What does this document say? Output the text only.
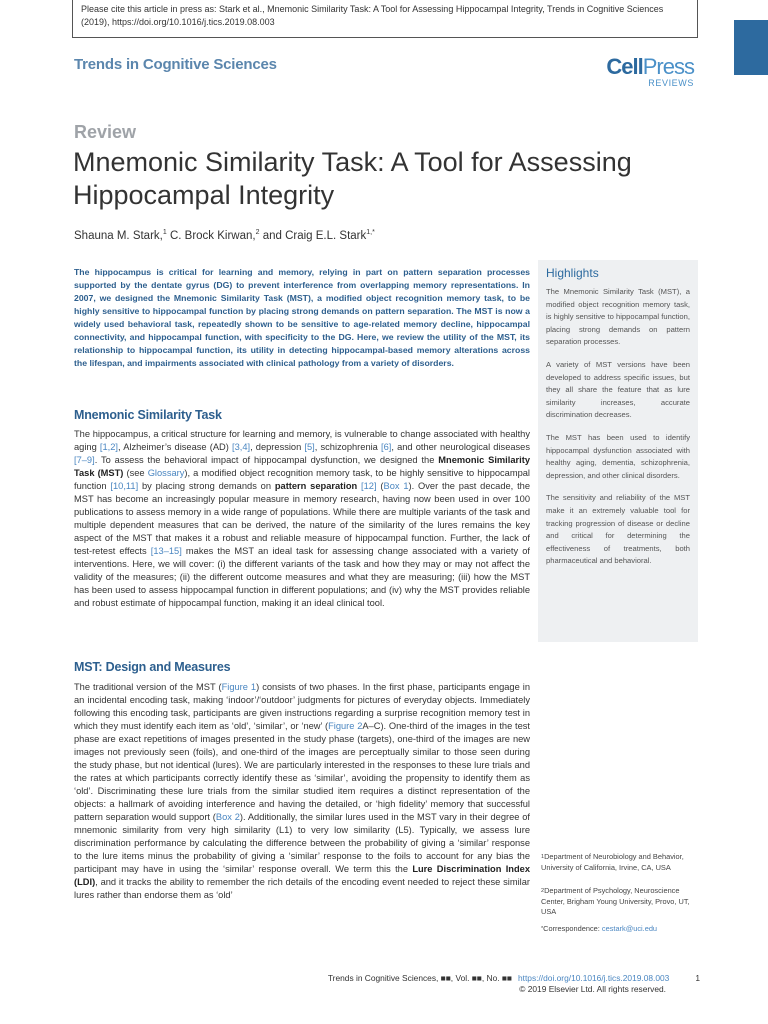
Please cite this article in press as: Stark et al., Mnemonic Similarity Task: A Tool for Assessing Hippocampal Integrity, Trends in Cognitive Sciences (2019), https://doi.org/10.1016/j.tics.2019.08.003
Trends in Cognitive Sciences	CellPress
REVIEWS
Review
Mnemonic Similarity Task: A Tool for Assessing Hippocampal Integrity
Shauna M. Stark,$^1$ C. Brock Kirwan,$^2$ and Craig E.L. Stark$^{1,*}$

The hippocampus is critical for learning and memory, relying in part on pattern separation processes supported by the dentate gyrus (DG) to prevent interference from overlapping memory representations. In 2007, we designed the Mnemonic Similarity Task (MST), a modified object recognition memory task, to be highly sensitive to hippocampal function by placing strong demands on pattern separation. The MST is now a widely used behavioral task, repeatedly shown to be sensitive to age-related memory decline, hippocampal connectivity, and hippocampal function, with specificity to the DG. Here, we review the utility of the MST, its relationship to hippocampal function, its utility in detecting hippocampal-based memory alterations across the lifespan, and impairments associated with clinical pathology from a variety of disorders.

Mnemonic Similarity Task

The hippocampus, a critical structure for learning and memory, is vulnerable to change associated with healthy aging [1,2], Alzheimer’s disease (AD) [3,4], depression [5], schizophrenia [6], and other neurological diseases [7–9]. To assess the behavioral impact of hippocampal dysfunction, we designed the Mnemonic Similarity Task (MST) (see Glossary), a modified object recognition memory task, to be highly sensitive to hippocampal function [10,11] by placing strong demands on pattern separation [12] (Box 1). Over the past decade, the MST has become an increasingly popular measure in memory research, having now been used in over 100 publications to assess memory in a wide range of populations. While there are multiple variants of the task and multiple dependent measures that can be derived, the nature of the similarity of the lures remains the key aspect of the MST that makes it a robust and reliable measure of hippocampal function. Further, the lack of test-retest effects [13–15] makes the MST an ideal task for assessing change associated with a variety of interventions. Here, we will cover: (i) the different variants of the task and how they may or may not affect the validity of the measures; (ii) the different outcome measures and what they are measuring; (iii) how the MST has been used to assess hippocampal function in different populations; and (iv) why the MST provides reliable and robust estimate of hippocampal function, making it an ideal clinical tool.

MST: Design and Measures

The traditional version of the MST (Figure 1) consists of two phases. In the first phase, participants engage in an incidental encoding task, making ‘indoor’/‘outdoor’ judgments for pictures of everyday objects. Immediately following this encoding task, participants are given instructions regarding a surprise recognition memory test in which they must identify each item as ‘old’, ‘similar’, or ‘new’ (Figure 2A–C). One-third of the images in the test phase are exact repetitions of images presented in the study phase (targets), one-third of the images are new images not previously seen (foils), and one-third of the images are perceptually similar to those seen during the study phase, but not identical (lures). We are particularly interested in the responses to these lure trials and the rates at which participants correctly identify these as ‘similar’, avoiding the propensity to identify them as ‘old’. Discriminating these lure trials from the similar studied item requires a distinct representation of the objects: a hallmark of avoiding interference and having the detailed, or ‘high fidelity’ memory that successful pattern separation would support (Box 2). Additionally, the similar lures used in the MST vary in their degree of mnemonic similarity from very high similarity (L1) to very low similarity (L5). Typically, we assess lure discrimination performance by calculating the difference between the probability of giving a ‘similar’ response to the lure items minus the probability of giving a ‘similar’ response to the foils to account for any bias the participant may have in using the ‘similar’ response overall. We term this the Lure Discrimination Index (LDI), and it tracks the ability to remember the rich details of the encoding event needed to reject these similar lures rather than endorse them as ‘old’

Highlights

The Mnemonic Similarity Task (MST), a modified object recognition memory task, is highly sensitive to hippocampal function, placing strong demands on pattern separation processes.

A variety of MST versions have been developed to address specific issues, but they all share the feature that as lure similarity increases, accurate discrimination decreases.

The MST has been used to identify hippocampal dysfunction associated with healthy aging, dementia, schizophrenia, depression, and other clinical disorders.

The sensitivity and reliability of the MST make it an extremely valuable tool for tracking progression of disease or decline and critical for determining the effectiveness of treatments, both pharmaceutical and behavioral.

$^1$Department of Neurobiology and Behavior, University of California, Irvine, CA, USA
$^2$Department of Psychology, Neuroscience Center, Brigham Young University, Provo, UT, USA
*Correspondence: cestark@uci.edu
Trends in Cognitive Sciences, ■■, Vol. ■■, No. ■■ https://doi.org/10.1016/j.tics.2019.08.003	1
© 2019 Elsevier Ltd. All rights reserved.
